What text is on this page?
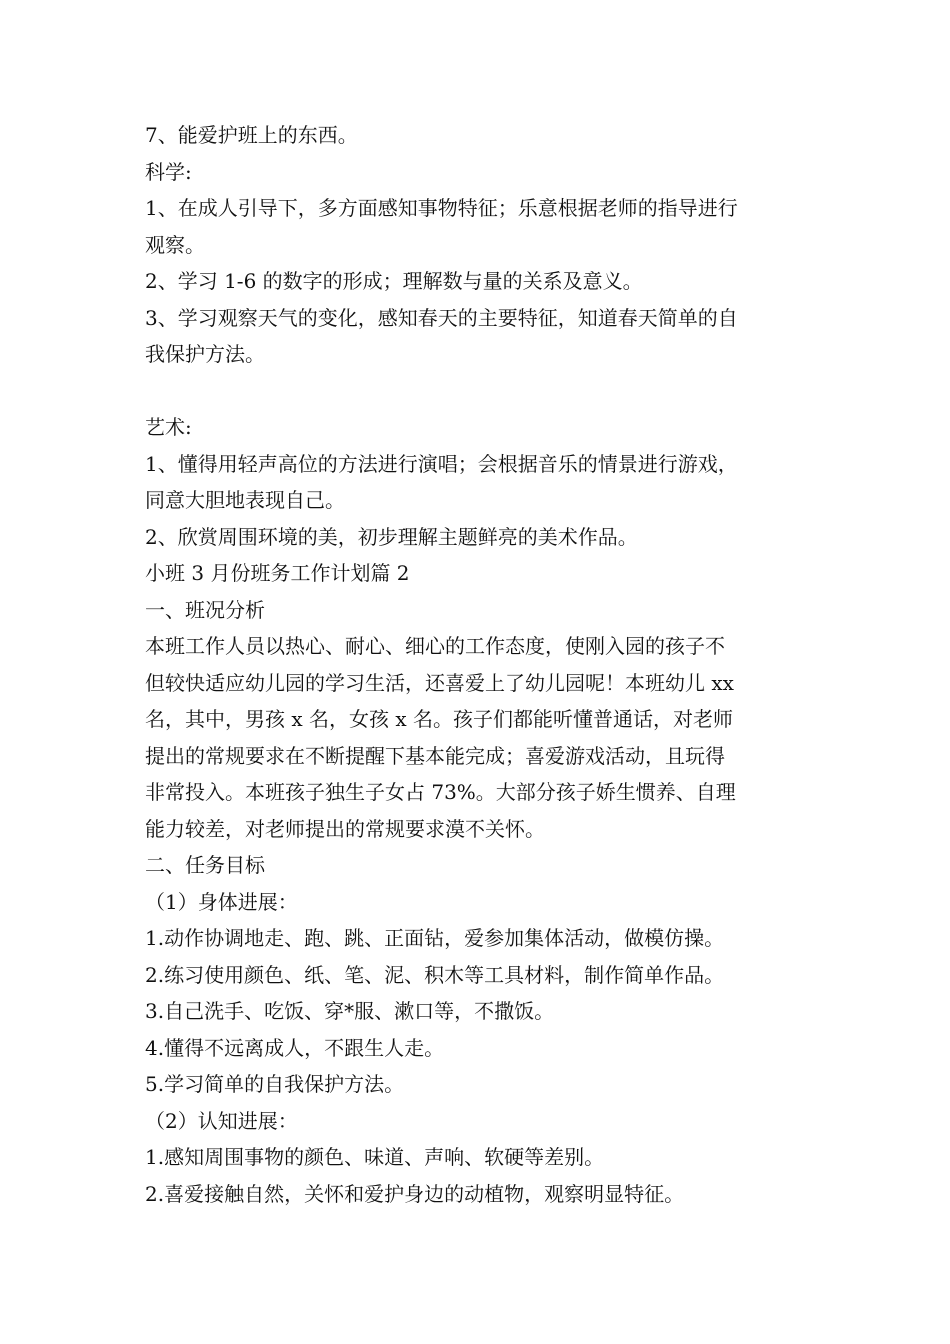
7、能爱护班上的东西。
科学:
1、在成人引导下，多方面感知事物特征；乐意根据老师的指导进行
观察。
2、学习 1-6 的数字的形成；理解数与量的关系及意义。
3、学习观察天气的变化，感知春天的主要特征，知道春天简单的自
我保护方法。
艺术:
1、懂得用轻声高位的方法进行演唱；会根据音乐的情景进行游戏，
同意大胆地表现自己。
2、欣赏周围环境的美，初步理解主题鲜亮的美术作品。
小班 3 月份班务工作计划篇 2
一、班况分析
本班工作人员以热心、耐心、细心的工作态度，使刚入园的孩子不
但较快适应幼儿园的学习生活，还喜爱上了幼儿园呢！本班幼儿 xx
名，其中，男孩 x 名，女孩 x 名。孩子们都能听懂普通话，对老师
提出的常规要求在不断提醒下基本能完成；喜爱游戏活动，且玩得
非常投入。本班孩子独生子女占 73%。大部分孩子娇生惯养、自理
能力较差，对老师提出的常规要求漠不关怀。
二、任务目标
（1）身体进展：
1.动作协调地走、跑、跳、正面钻，爱参加集体活动，做模仿操。
2.练习使用颜色、纸、笔、泥、积木等工具材料，制作简单作品。
3.自己洗手、吃饭、穿*服、漱口等，不撒饭。
4.懂得不远离成人，不跟生人走。
5.学习简单的自我保护方法。
（2）认知进展：
1.感知周围事物的颜色、味道、声响、软硬等差别。
2.喜爱接触自然，关怀和爱护身边的动植物，观察明显特征。
